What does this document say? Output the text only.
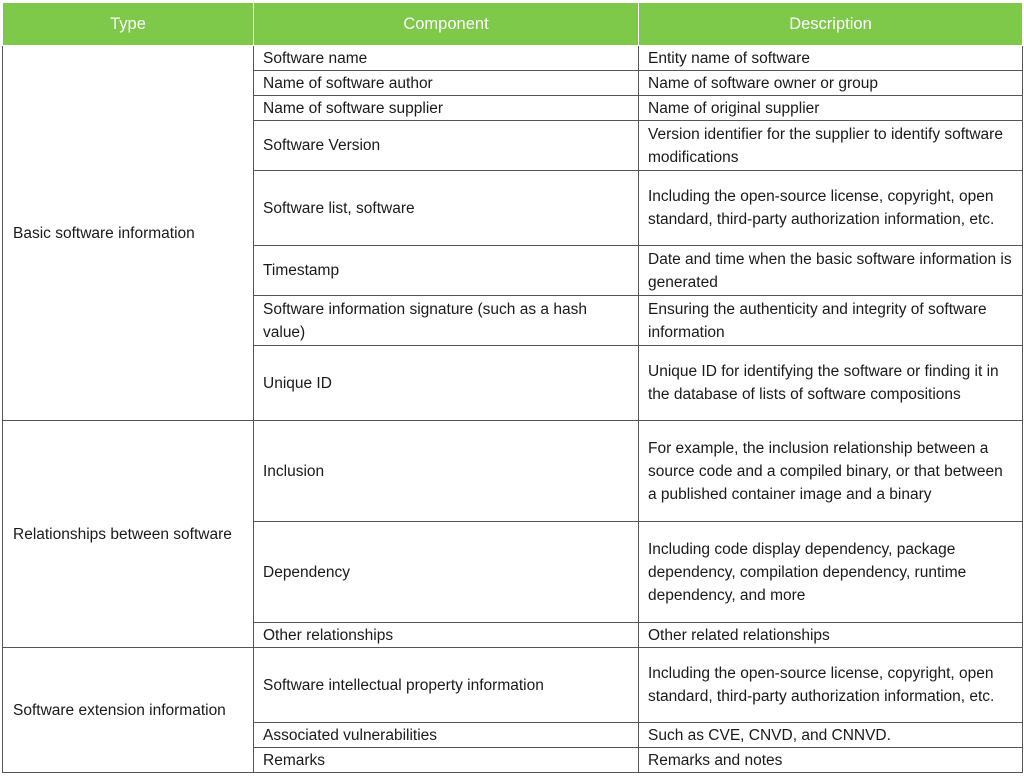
Type	Component	Description
Basic software information	Software name	Entity name of software
	Name of software author	Name of software owner or group
	Name of software supplier	Name of original supplier
	Software Version	Version identifier for the supplier to identify software modifications
	Software list, software	Including the open-source license, copyright, open standard, third-party authorization information, etc.
	Timestamp	Date and time when the basic software information is generated
	Software information signature (such as a hash value)	Ensuring the authenticity and integrity of software information
	Unique ID	Unique ID for identifying the software or finding it in the database of lists of software compositions
Relationships between software	Inclusion	For example, the inclusion relationship between a source code and a compiled binary, or that between a published container image and a binary
	Dependency	Including code display dependency, package dependency, compilation dependency, runtime dependency, and more
	Other relationships	Other related relationships
Software extension information	Software intellectual property information	Including the open-source license, copyright, open standard, third-party authorization information, etc.
	Associated vulnerabilities	Such as CVE, CNVD, and CNNVD.
	Remarks	Remarks and notes
